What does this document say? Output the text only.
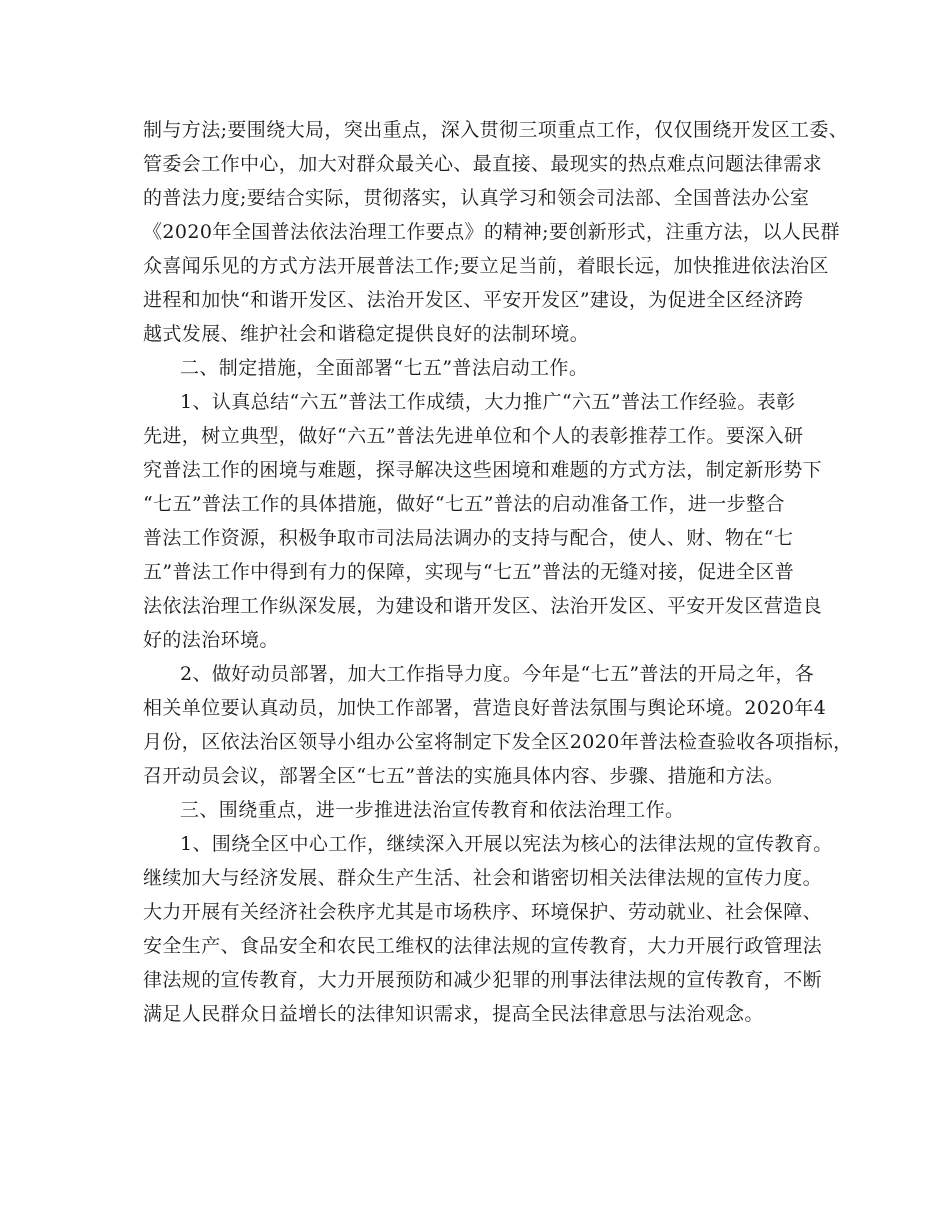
制与方法;要围绕大局，突出重点，深入贯彻三项重点工作，仅仅围绕开发区工委、
管委会工作中心，加大对群众最关心、最直接、最现实的热点难点问题法律需求
的普法力度;要结合实际，贯彻落实，认真学习和领会司法部、全国普法办公室
《2020年全国普法依法治理工作要点》的精神;要创新形式，注重方法，以人民群
众喜闻乐见的方式方法开展普法工作;要立足当前，着眼长远，加快推进依法治区
进程和加快“和谐开发区、法治开发区、平安开发区”建设，为促进全区经济跨
越式发展、维护社会和谐稳定提供良好的法制环境。
二、制定措施，全面部署“七五”普法启动工作。
1、认真总结“六五”普法工作成绩，大力推广“六五”普法工作经验。表彰
先进，树立典型，做好“六五”普法先进单位和个人的表彰推荐工作。要深入研
究普法工作的困境与难题，探寻解决这些困境和难题的方式方法，制定新形势下
“七五”普法工作的具体措施，做好“七五”普法的启动准备工作，进一步整合
普法工作资源，积极争取市司法局法调办的支持与配合，使人、财、物在“七
五”普法工作中得到有力的保障，实现与“七五”普法的无缝对接，促进全区普
法依法治理工作纵深发展，为建设和谐开发区、法治开发区、平安开发区营造良
好的法治环境。
2、做好动员部署，加大工作指导力度。今年是“七五”普法的开局之年，各
相关单位要认真动员，加快工作部署，营造良好普法氛围与舆论环境。2020年4
月份，区依法治区领导小组办公室将制定下发全区2020年普法检查验收各项指标，
召开动员会议，部署全区“七五”普法的实施具体内容、步骤、措施和方法。
三、围绕重点，进一步推进法治宣传教育和依法治理工作。
1、围绕全区中心工作，继续深入开展以宪法为核心的法律法规的宣传教育。
继续加大与经济发展、群众生产生活、社会和谐密切相关法律法规的宣传力度。
大力开展有关经济社会秩序尤其是市场秩序、环境保护、劳动就业、社会保障、
安全生产、食品安全和农民工维权的法律法规的宣传教育，大力开展行政管理法
律法规的宣传教育，大力开展预防和减少犯罪的刑事法律法规的宣传教育，不断
满足人民群众日益增长的法律知识需求，提高全民法律意思与法治观念。
